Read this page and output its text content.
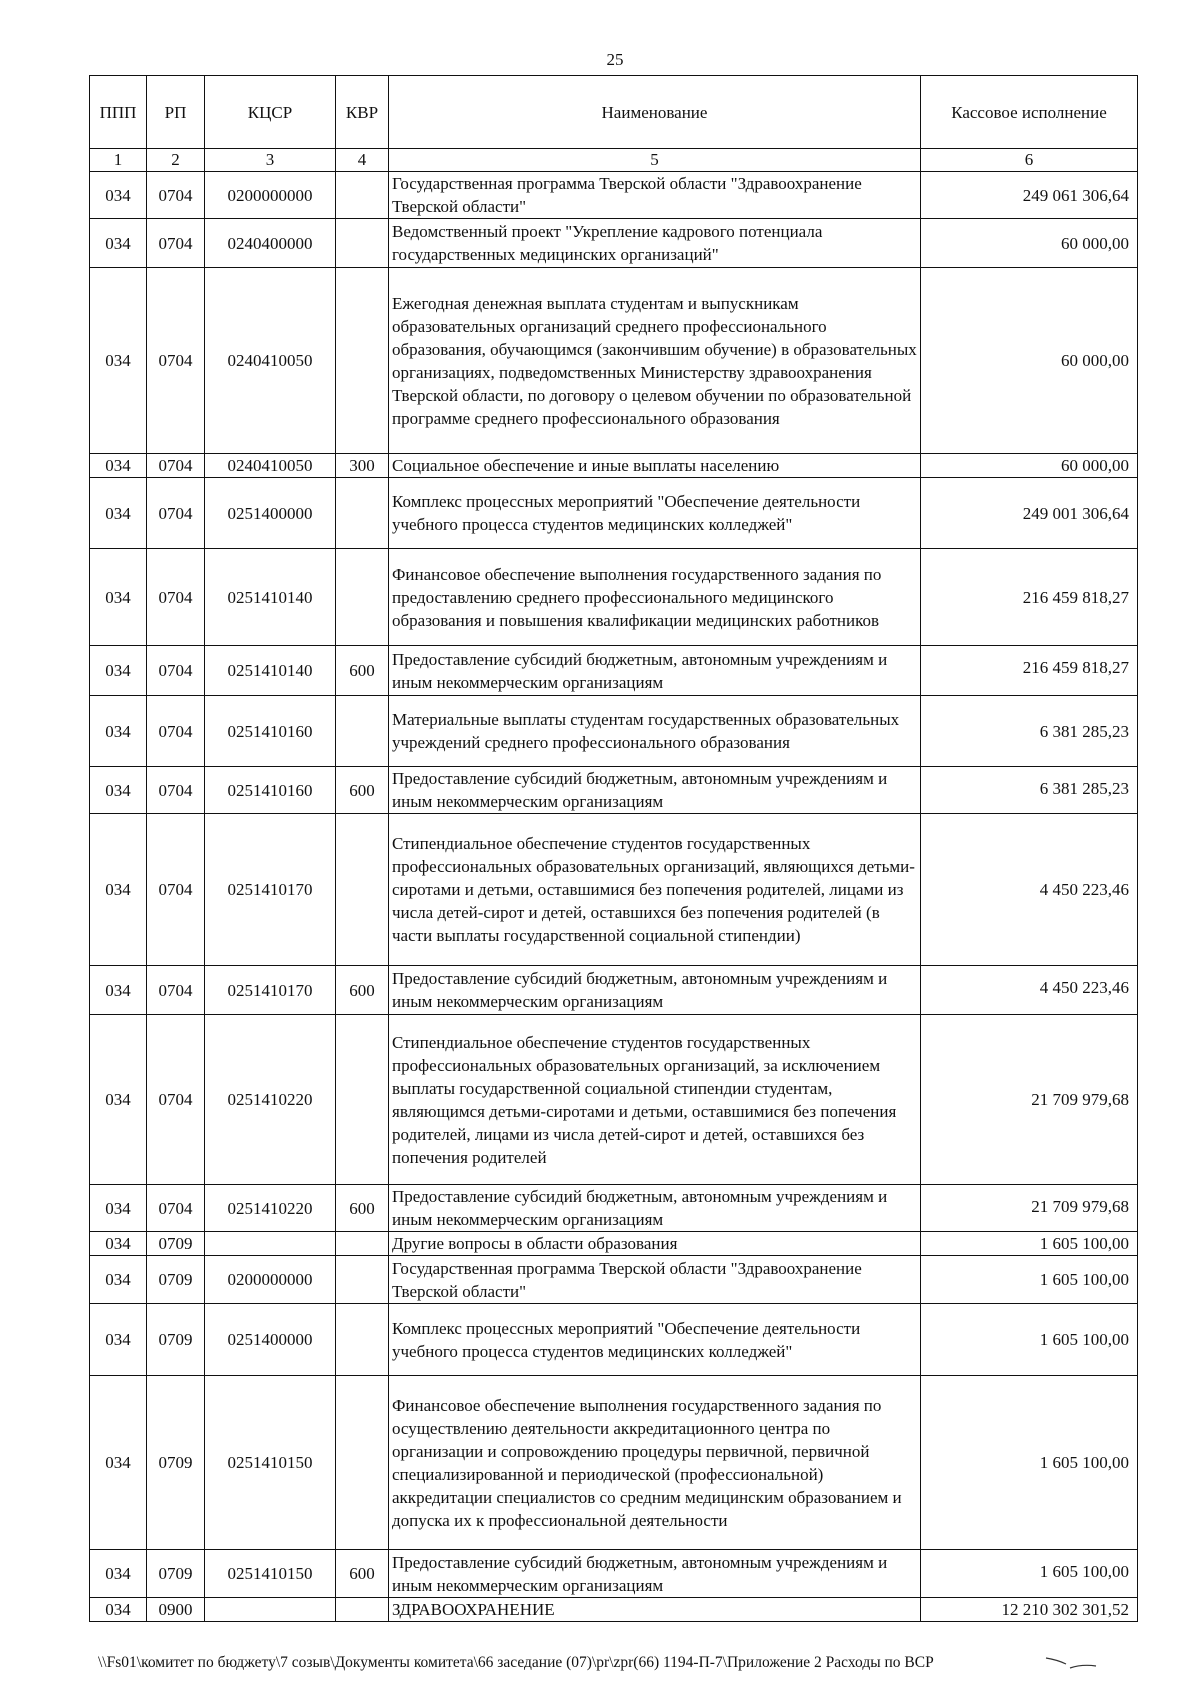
25
ППП	РП	КЦСР	КВР	Наименование	Кассовое исполнение
1	2	3	4	5	6
034	0704	0200000000		Государственная программа Тверской области "Здравоохранение Тверской области"	249 061 306,64
034	0704	0240400000		Ведомственный проект "Укрепление кадрового потенциала государственных медицинских организаций"	60 000,00
034	0704	0240410050		Ежегодная денежная выплата студентам и выпускникам образовательных организаций среднего профессионального образования, обучающимся (закончившим обучение) в образовательных организациях, подведомственных Министерству здравоохранения Тверской области, по договору о целевом обучении по образовательной программе среднего профессионального образования	60 000,00
034	0704	0240410050	300	Социальное обеспечение и иные выплаты населению	60 000,00
034	0704	0251400000		Комплекс процессных мероприятий "Обеспечение деятельности учебного процесса студентов медицинских колледжей"	249 001 306,64
034	0704	0251410140		Финансовое обеспечение выполнения государственного задания по предоставлению среднего профессионального медицинского образования и повышения квалификации медицинских работников	216 459 818,27
034	0704	0251410140	600	Предоставление субсидий бюджетным, автономным учреждениям и иным некоммерческим организациям	216 459 818,27
034	0704	0251410160		Материальные выплаты студентам государственных образовательных учреждений среднего профессионального образования	6 381 285,23
034	0704	0251410160	600	Предоставление субсидий бюджетным, автономным учреждениям и иным некоммерческим организациям	6 381 285,23
034	0704	0251410170		Стипендиальное обеспечение студентов государственных профессиональных образовательных организаций, являющихся детьми-сиротами и детьми, оставшимися без попечения родителей, лицами из числа детей-сирот и детей, оставшихся без попечения родителей (в части выплаты государственной социальной стипендии)	4 450 223,46
034	0704	0251410170	600	Предоставление субсидий бюджетным, автономным учреждениям и иным некоммерческим организациям	4 450 223,46
034	0704	0251410220		Стипендиальное обеспечение студентов государственных профессиональных образовательных организаций, за исключением выплаты государственной социальной стипендии студентам, являющимся детьми-сиротами и детьми, оставшимися без попечения родителей, лицами из числа детей-сирот и детей, оставшихся без попечения родителей	21 709 979,68
034	0704	0251410220	600	Предоставление субсидий бюджетным, автономным учреждениям и иным некоммерческим организациям	21 709 979,68
034	0709			Другие вопросы в области образования	1 605 100,00
034	0709	0200000000		Государственная программа Тверской области "Здравоохранение Тверской области"	1 605 100,00
034	0709	0251400000		Комплекс процессных мероприятий "Обеспечение деятельности учебного процесса студентов медицинских колледжей"	1 605 100,00
034	0709	0251410150		Финансовое обеспечение выполнения государственного задания по осуществлению деятельности аккредитационного центра по организации и сопровождению процедуры первичной, первичной специализированной и периодической (профессиональной) аккредитации специалистов со средним медицинским образованием и допуска их к профессиональной деятельности	1 605 100,00
034	0709	0251410150	600	Предоставление субсидий бюджетным, автономным учреждениям и иным некоммерческим организациям	1 605 100,00
034	0900			ЗДРАВООХРАНЕНИЕ	12 210 302 301,52
\\Fs01\комитет по бюджету\7 созыв\Документы комитета\66 заседание (07)\pr\zpr(66) 1194-П-7\Приложение 2 Расходы по ВСР
